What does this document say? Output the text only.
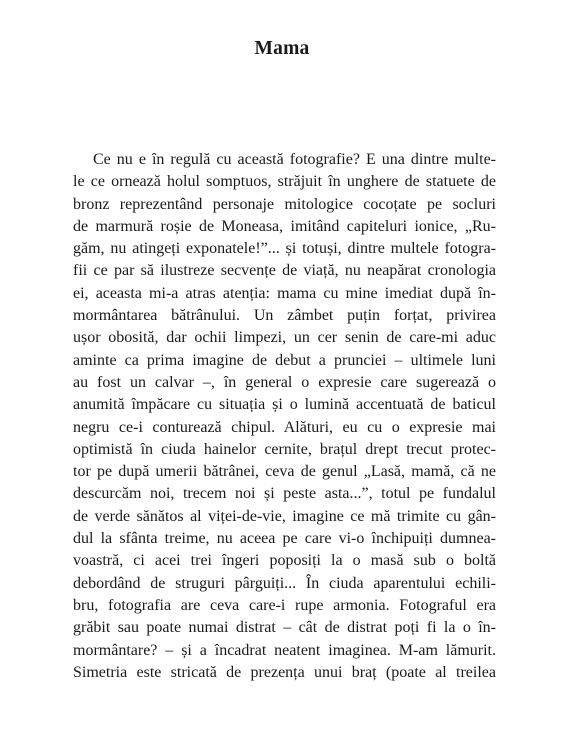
Mama
Ce nu e în regulă cu această fotografie? E una dintre multe-
le ce ornează holul somptuos, străjuit în unghere de statuete de
bronz reprezentând personaje mitologice cocoțate pe socluri
de marmură roșie de Moneasa, imitând capiteluri ionice, „Ru-
găm, nu atingeți exponatele!”... și totuși, dintre multele fotogra-
fii ce par să ilustreze secvențe de viață, nu neapărat cronologia
ei, aceasta mi-a atras atenția: mama cu mine imediat după în-
mormântarea bătrânului. Un zâmbet puțin forțat, privirea
ușor obosită, dar ochii limpezi, un cer senin de care-mi aduc
aminte ca prima imagine de debut a pruncieі – ultimele luni
au fost un calvar –, în general o expresie care sugerează o
anumită împăcare cu situația și o lumină accentuată de baticul
negru ce-i conturează chipul. Alături, eu cu o expresie mai
optimistă în ciuda hainelor cernite, brațul drept trecut protec-
tor pe după umerii bătrânei, ceva de genul „Lasă, mamă, că ne
descurcăm noi, trecem noi și peste asta...”, totul pe fundalul
de verde sănătos al viței-de-vie, imagine ce mă trimite cu gân-
dul la sfânta treime, nu aceea pe care vi-o închipuiți dumnea-
voastră, ci acei trei îngeri poposiți la o masă sub o boltă
debordând de struguri pârguiți... În ciuda aparentului echili-
bru, fotografia are ceva care-i rupe armonia. Fotograful era
grăbit sau poate numai distrat – cât de distrat poți fi la o în-
mormântare? – și a încadrat neatent imaginea. M-am lămurit.
Simetria este stricată de prezența unui braț (poate al treilea
